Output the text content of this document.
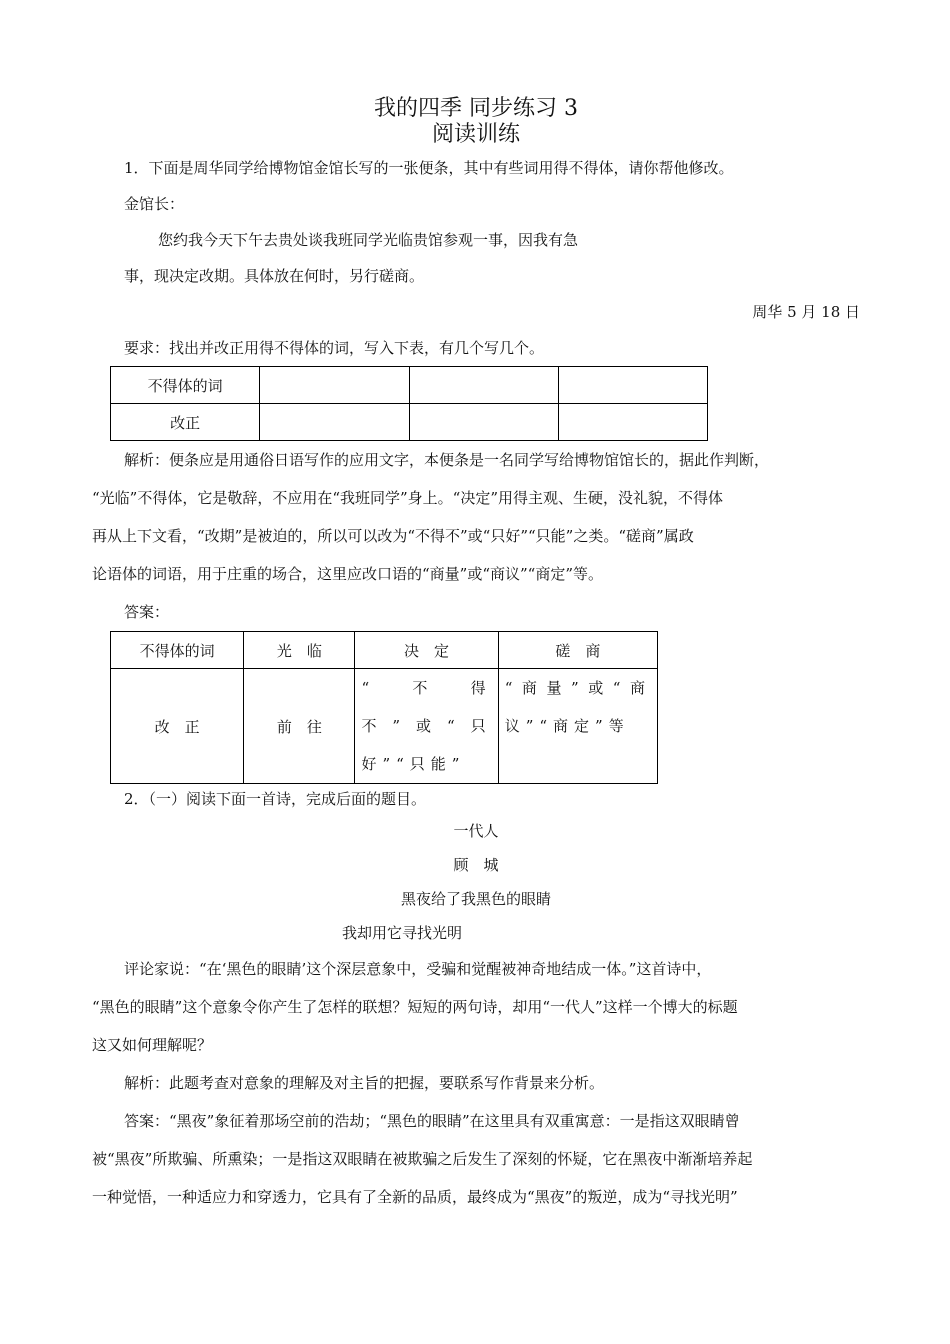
我的四季 同步练习 3

阅读训练

1．下面是周华同学给博物馆金馆长写的一张便条，其中有些词用得不得体，请你帮他修改。

金馆长：

您约我今天下午去贵处谈我班同学光临贵馆参观一事，因我有急

事，现决定改期。具体放在何时，另行磋商。

周华 5 月 18 日

要求：找出并改正用得不得体的词，写入下表，有几个写几个。

不得体的词			
改正			

解析：便条应是用通俗日语写作的应用文字，本便条是一名同学写给博物馆馆长的，据此作判断，

“光临”不得体，它是敬辞，不应用在“我班同学”身上。“决定”用得主观、生硬，没礼貌，不得体

再从上下文看，“改期”是被迫的，所以可以改为“不得不”或“只好”“只能”之类。“磋商”属政

论语体的词语，用于庄重的场合，这里应改口语的“商量”或“商议”“商定”等。

答案：

不得体的词	光　临	决　定	磋　商
改　正	前　往	“不得不”或“只好”“只能”	“商量”或“商议”“商定”等

2．（一）阅读下面一首诗，完成后面的题目。

一代人

顾　城

黑夜给了我黑色的眼睛

我却用它寻找光明

评论家说：“在‘黑色的眼睛’这个深层意象中，受骗和觉醒被神奇地结成一体。”这首诗中，

“黑色的眼睛”这个意象令你产生了怎样的联想？短短的两句诗，却用“一代人”这样一个博大的标题

这又如何理解呢？

解析：此题考查对意象的理解及对主旨的把握，要联系写作背景来分析。

答案：“黑夜”象征着那场空前的浩劫；“黑色的眼睛”在这里具有双重寓意：一是指这双眼睛曾

被“黑夜”所欺骗、所熏染；一是指这双眼睛在被欺骗之后发生了深刻的怀疑，它在黑夜中渐渐培养起

一种觉悟，一种适应力和穿透力，它具有了全新的品质，最终成为“黑夜”的叛逆，成为“寻找光明”
